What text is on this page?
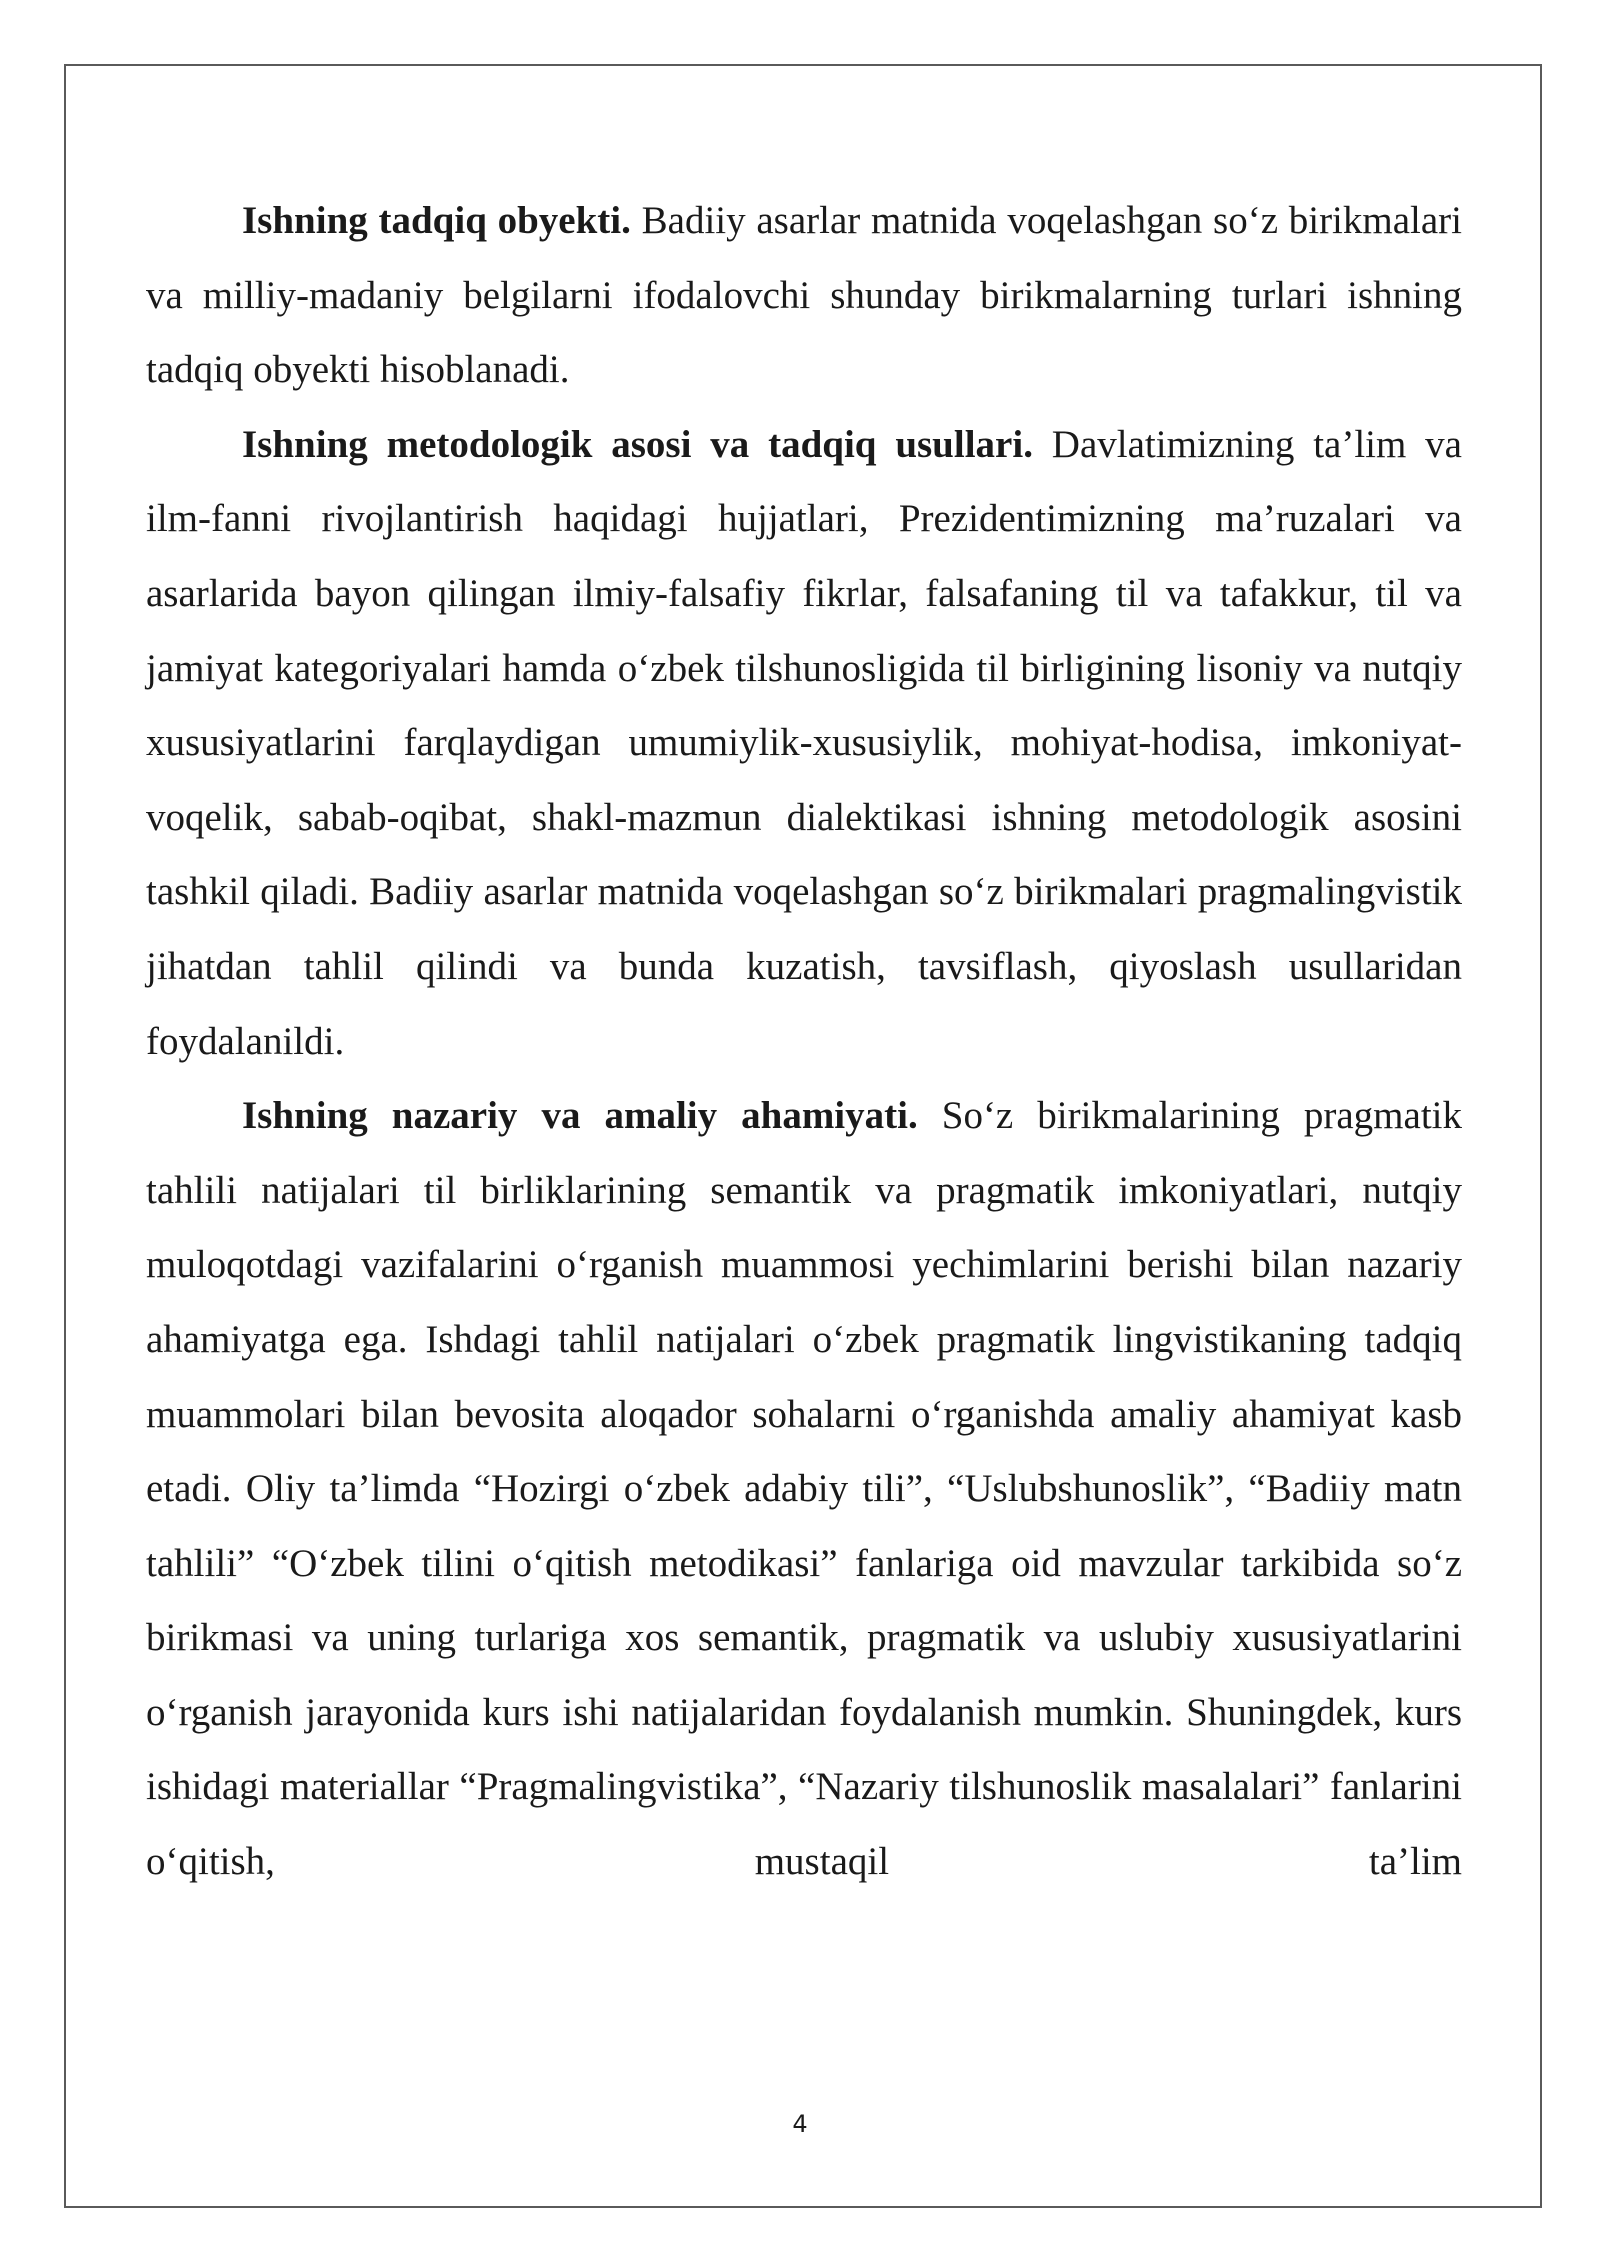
Ishning tadqiq obyekti. Badiiy asarlar matnida voqelashgan so‘z birikmalari va milliy-madaniy belgilarni ifodalovchi shunday birikmalarning turlari ishning tadqiq obyekti hisoblanadi.

Ishning metodologik asosi va tadqiq usullari. Davlatimizning ta’lim va ilm-fanni rivojlantirish haqidagi hujjatlari, Prezidentimizning ma’ruzalari va asarlarida bayon qilingan ilmiy-falsafiy fikrlar, falsafaning til va tafakkur, til va jamiyat kategoriyalari hamda o‘zbek tilshunosligida til birligining lisoniy va nutqiy xususiyatlarini farqlaydigan umumiylik-xususiylik, mohiyat-hodisa, imkoniyat-voqelik, sabab-oqibat, shakl-mazmun dialektikasi ishning metodologik asosini tashkil qiladi. Badiiy asarlar matnida voqelashgan so‘z birikmalari pragmalingvistik jihatdan tahlil qilindi va bunda kuzatish, tavsiflash, qiyoslash usullaridan foydalanildi.

Ishning nazariy va amaliy ahamiyati. So‘z birikmalarining pragmatik tahlili natijalari til birliklarining semantik va pragmatik imkoniyatlari, nutqiy muloqotdagi vazifalarini o‘rganish muammosi yechimlarini berishi bilan nazariy ahamiyatga ega. Ishdagi tahlil natijalari o‘zbek pragmatik lingvistikaning tadqiq muammolari bilan bevosita aloqador sohalarni o‘rganishda amaliy ahamiyat kasb etadi. Oliy ta’limda “Hozirgi o‘zbek adabiy tili”, “Uslubshunoslik”, “Badiiy matn tahlili” “O‘zbek tilini o‘qitish metodikasi” fanlariga oid mavzular tarkibida so‘z birikmasi va uning turlariga xos semantik, pragmatik va uslubiy xususiyatlarini o‘rganish jarayonida kurs ishi natijalaridan foydalanish mumkin. Shuningdek, kurs ishidagi materiallar “Pragmalingvistika”, “Nazariy tilshunoslik masalalari” fanlarini o‘qitish, mustaqil ta’lim

4
